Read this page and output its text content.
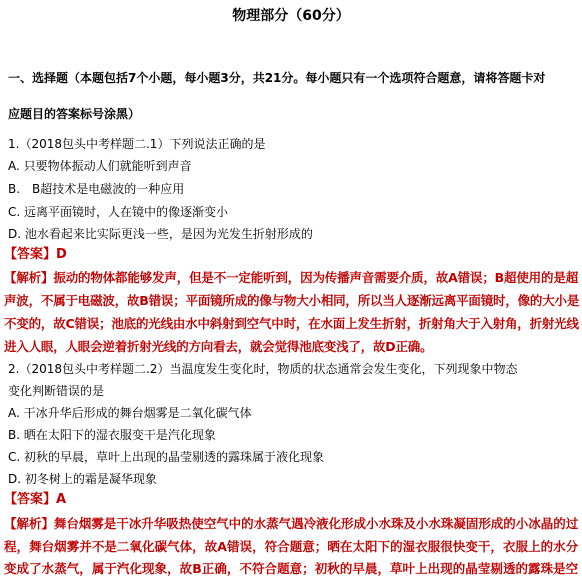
物理部分（60分）
一、选择题（本题包括7个小题，每小题3分，共21分。每小题只有一个选项符合题意，请将答题卡对
应题目的答案标号涂黑）
1.（2018包头中考样题二.1）下列说法正确的是
A. 只要物体振动人们就能听到声音
B.　B超技术是电磁波的一种应用
C. 远离平面镜时，人在镜中的像逐渐变小
D. 池水看起来比实际更浅一些，是因为光发生折射形成的
【答案】D
【解析】振动的物体都能够发声，但是不一定能听到，因为传播声音需要介质，故A错误；B超使用的是超
声波，不属于电磁波，故B错误；平面镜所成的像与物大小相同，所以当人逐渐远离平面镜时，像的大小是
不变的，故C错误；池底的光线由水中斜射到空气中时，在水面上发生折射，折射角大于入射角，折射光线
进入人眼，人眼会逆着折射光线的方向看去，就会觉得池底变浅了，故D正确。
2.（2018包头中考样题二.2）当温度发生变化时，物质的状态通常会发生变化，下列现象中物态
变化判断错误的是
A. 干冰升华后形成的舞台烟雾是二氧化碳气体
B. 晒在太阳下的湿衣服变干是汽化现象
C. 初秋的早晨，草叶上出现的晶莹剔透的露珠属于液化现象
D. 初冬树上的霜是凝华现象
【答案】A
【解析】舞台烟雾是干冰升华吸热使空气中的水蒸气遇冷液化形成小水珠及小水珠凝固形成的小冰晶的过
程，舞台烟雾并不是二氧化碳气体，故A错误，符合题意；晒在太阳下的湿衣服很快变干，衣服上的水分
变成了水蒸气，属于汽化现象，故B正确，不符合题意；初秋的早晨，草叶上出现的晶莹剔透的露珠是空
